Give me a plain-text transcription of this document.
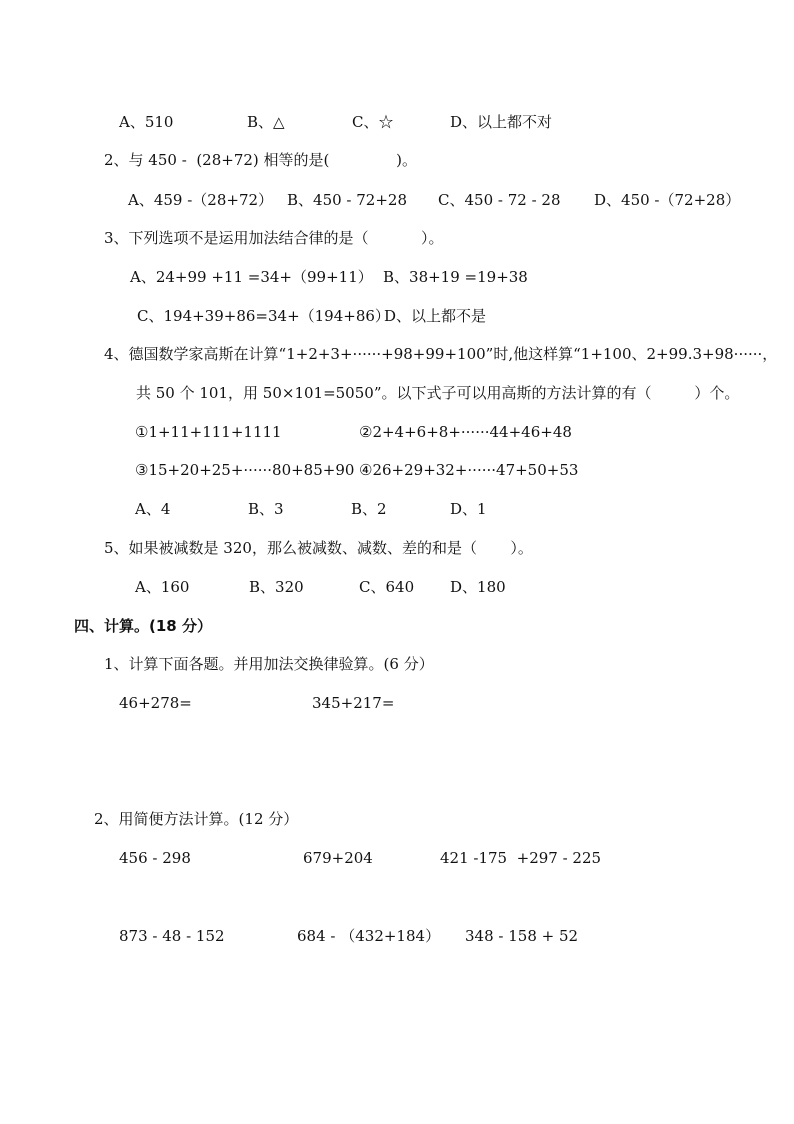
A、510	B、△	C、☆	D、以上都不对
2、与 450 -  (28+72) 相等的是(              )。
A、459 -（28+72） B、450 - 72+28 C、450 - 72 - 28 D、450 -（72+28）
3、下列选项不是运用加法结合律的是（           ）。
A、24+99 +11 =34+（99+11） B、38+19 =19+38
C、194+39+86=34+（194+86）
D、以上都不是
4、德国数学家高斯在计算“1+2+3+······+98+99+100”时,他这样算“1+100、2+99.3+98······，
共 50 个 101，用 50×101=5050”。以下式子可以用高斯的方法计算的有（         ）个。
①1+11+111+1111	②2+4+6+8+······44+46+48
③15+20+25+······80+85+90 ④26+29+32+······47+50+53
A、4	B、3	B、2	D、1
5、如果被减数是 320，那么被减数、减数、差的和是（       ）。
A、160	B、320	C、640 D、180
四、计算。(18 分）
1、计算下面各题。并用加法交换律验算。(6 分）
46+278=	345+217=
2、用简便方法计算。(12 分）
456 - 298	679+204	421 -175  +297 - 225
873 - 48 - 152	684 - （432+184） 348 - 158 + 52
